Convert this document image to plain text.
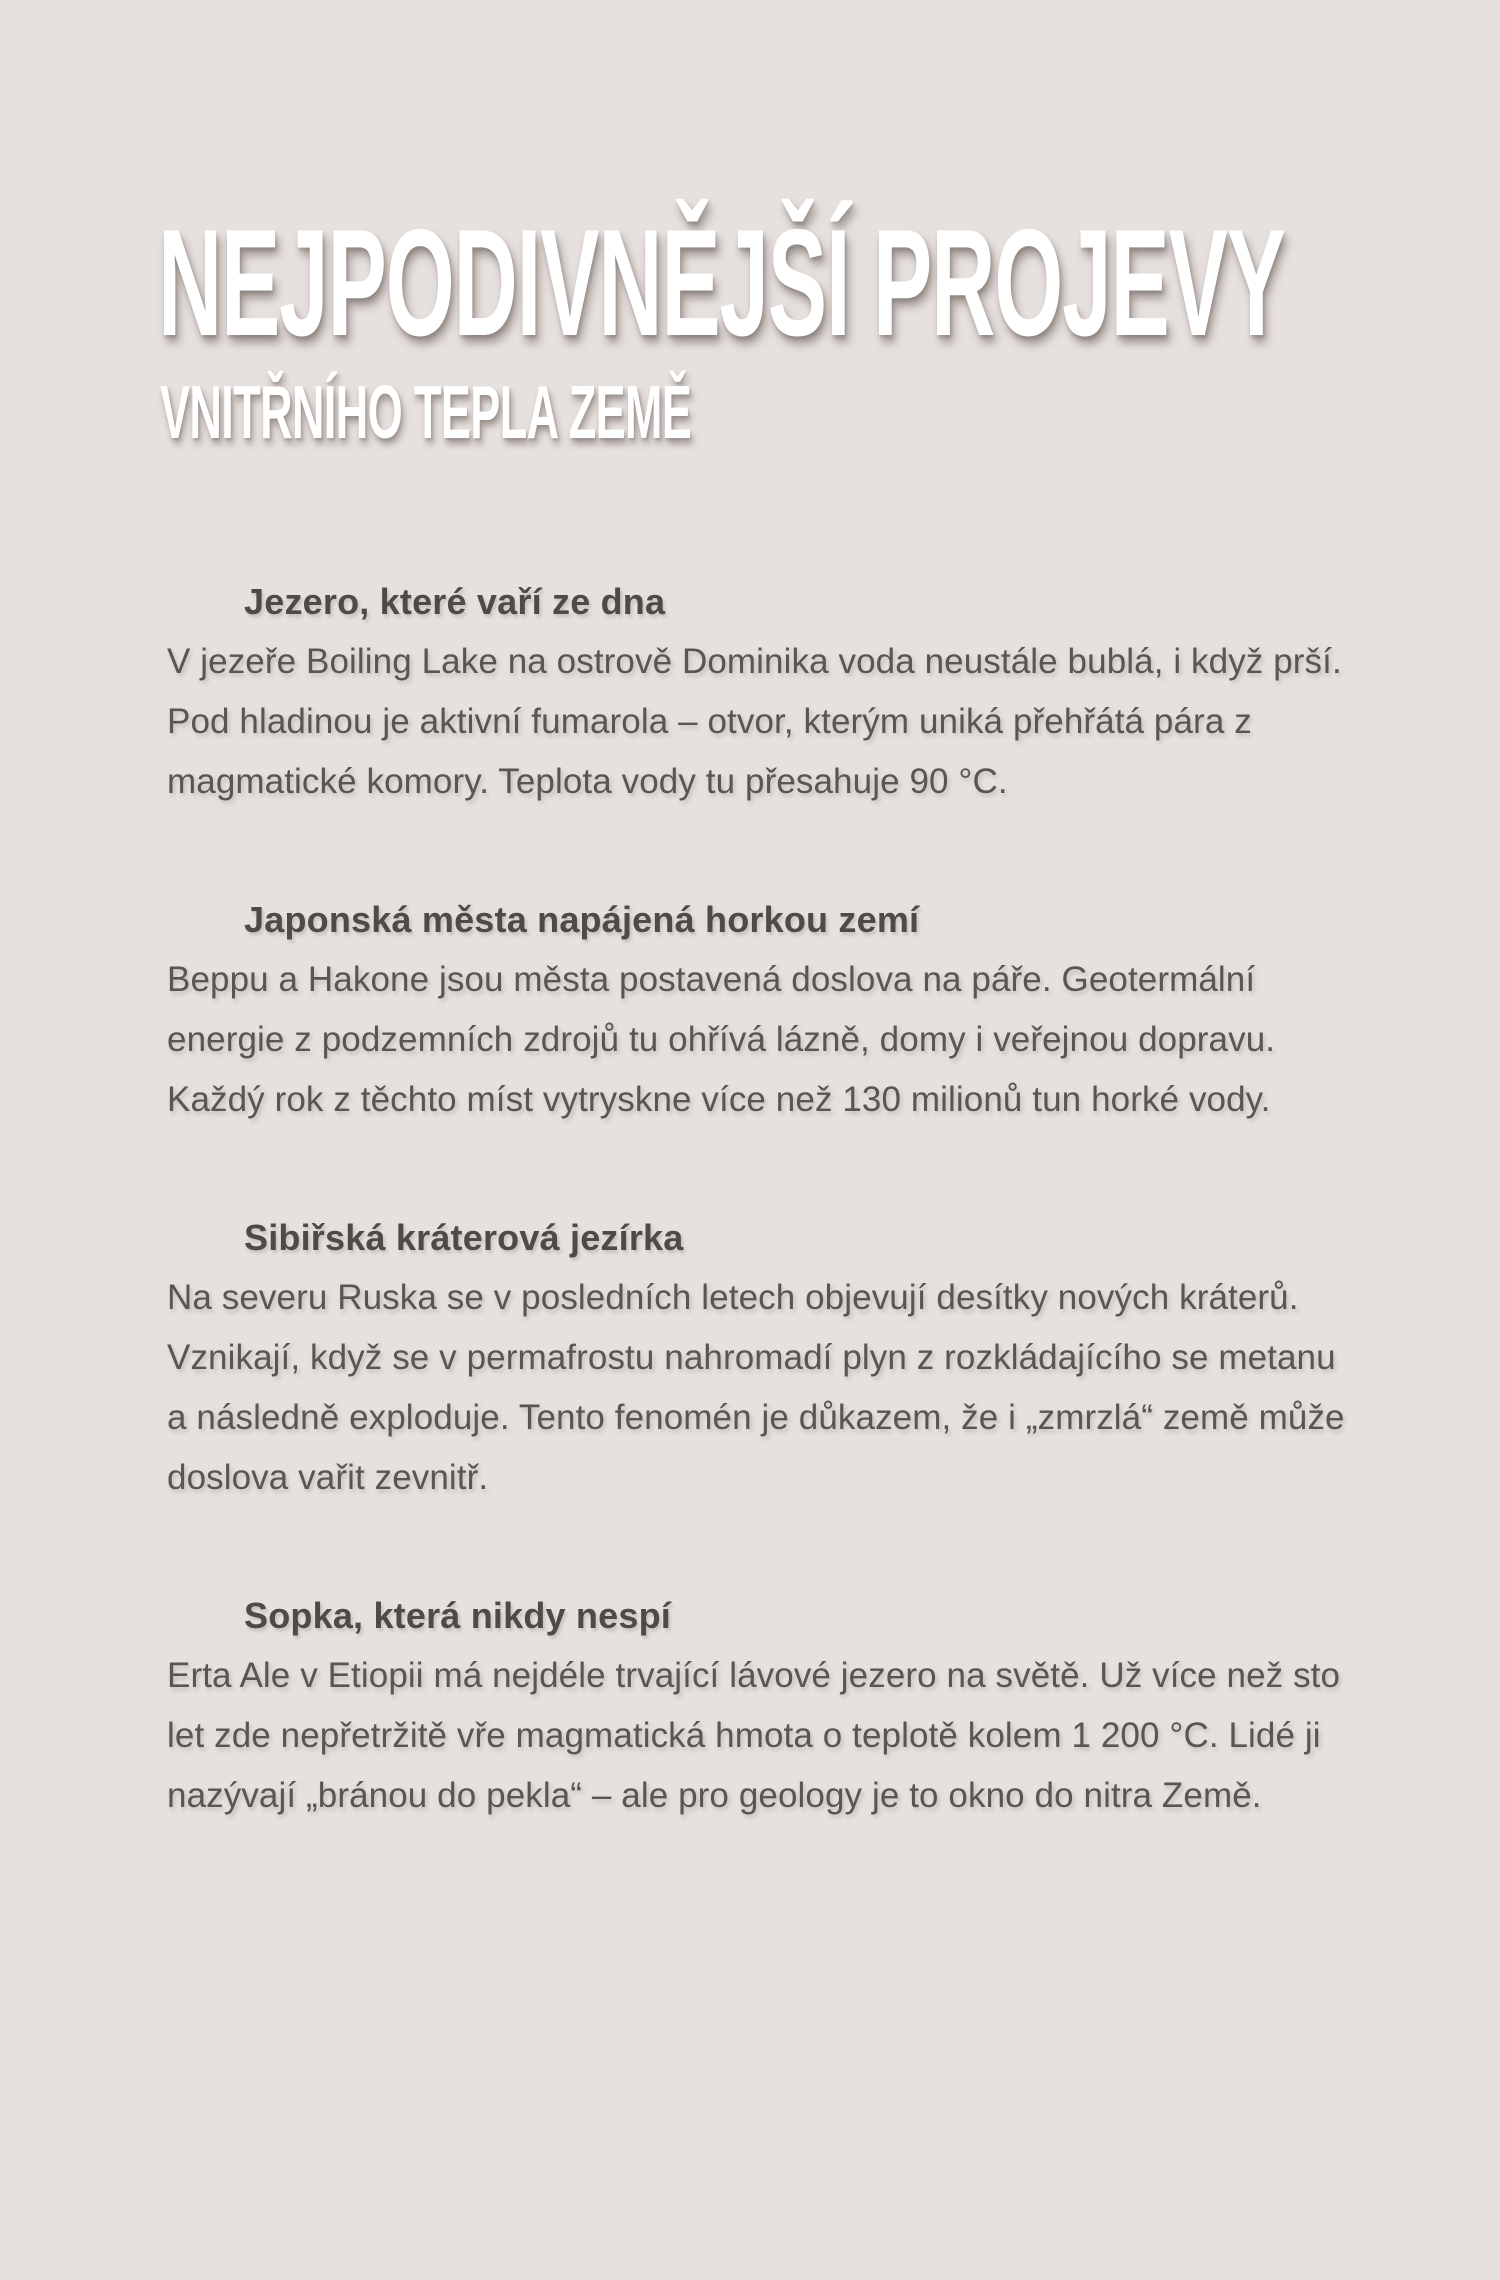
NEJPODIVNĚJŠÍ PROJEVY
VNITŘNÍHO TEPLA ZEMĚ
Jezero, které vaří ze dna

V jezeře Boiling Lake na ostrově Dominika voda neustále bublá, i když prší. Pod hladinou je aktivní fumarola – otvor, kterým uniká přehřátá pára z magmatické komory. Teplota vody tu přesahuje 90 °C.

Japonská města napájená horkou zemí

Beppu a Hakone jsou města postavená doslova na páře. Geotermální energie z podzemních zdrojů tu ohřívá lázně, domy i veřejnou dopravu. Každý rok z těchto míst vytryskne více než 130 milionů tun horké vody.

Sibiřská kráterová jezírka

Na severu Ruska se v posledních letech objevují desítky nových kráterů. Vznikají, když se v permafrostu nahromadí plyn z rozkládajícího se metanu a následně exploduje. Tento fenomén je důkazem, že i „zmrzlá“ země může doslova vařit zevnitř.

Sopka, která nikdy nespí

Erta Ale v Etiopii má nejdéle trvající lávové jezero na světě. Už více než sto let zde nepřetržitě vře magmatická hmota o teplotě kolem 1 200 °C. Lidé ji nazývají „bránou do pekla“ – ale pro geology je to okno do nitra Země.
